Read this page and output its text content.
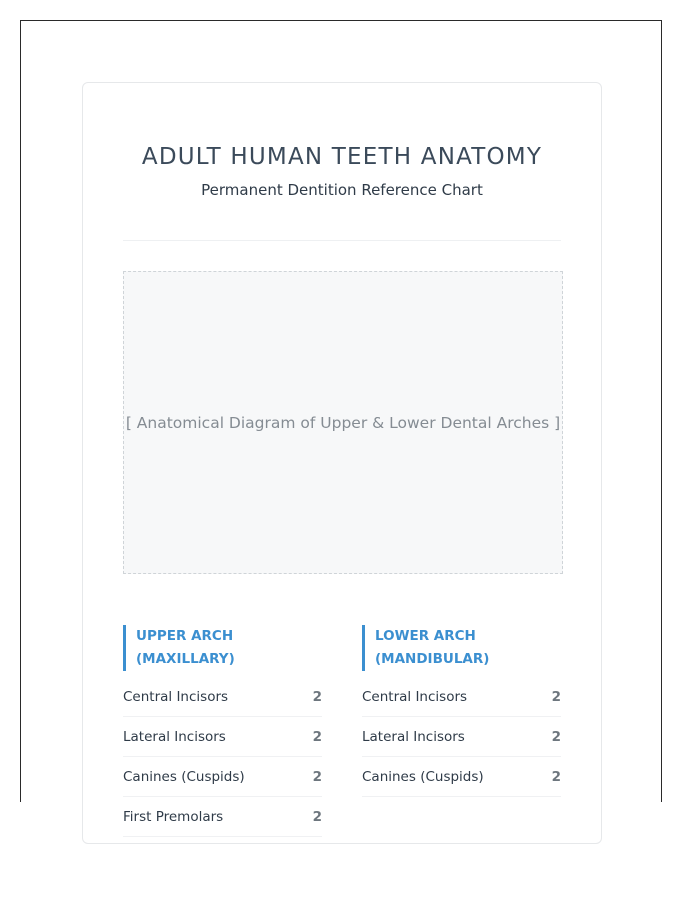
ADULT HUMAN TEETH ANATOMY
Permanent Dentition Reference Chart
[ Anatomical Diagram of Upper & Lower Dental Arches ]
UPPER ARCH (MAXILLARY)
Central Incisors	2
Lateral Incisors	2
Canines (Cuspids)	2
First Premolars	2
LOWER ARCH (MANDIBULAR)
Central Incisors	2
Lateral Incisors	2
Canines (Cuspids)	2
